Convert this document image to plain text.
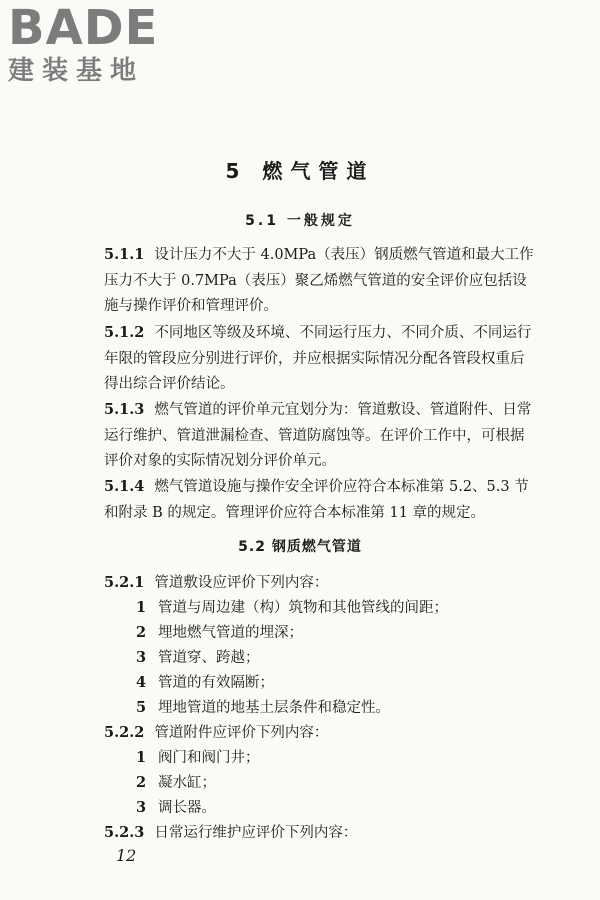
BADE
建装基地
5 燃气管道
5.1 一般规定
5.1.1 设计压力不大于 4.0MPa（表压）钢质燃气管道和最大工作压力不大于 0.7MPa（表压）聚乙烯燃气管道的安全评价应包括设施与操作评价和管理评价。
5.1.2 不同地区等级及环境、不同运行压力、不同介质、不同运行年限的管段应分别进行评价，并应根据实际情况分配各管段权重后得出综合评价结论。
5.1.3 燃气管道的评价单元宜划分为：管道敷设、管道附件、日常运行维护、管道泄漏检查、管道防腐蚀等。在评价工作中，可根据评价对象的实际情况划分评价单元。
5.1.4 燃气管道设施与操作安全评价应符合本标准第 5.2、5.3 节和附录 B 的规定。管理评价应符合本标准第 11 章的规定。
5.2 钢质燃气管道
5.2.1 管道敷设应评价下列内容：
1 管道与周边建（构）筑物和其他管线的间距；
2 埋地燃气管道的埋深；
3 管道穿、跨越；
4 管道的有效隔断；
5 埋地管道的地基土层条件和稳定性。
5.2.2 管道附件应评价下列内容：
1 阀门和阀门井；
2 凝水缸；
3 调长器。
5.2.3 日常运行维护应评价下列内容：
12
